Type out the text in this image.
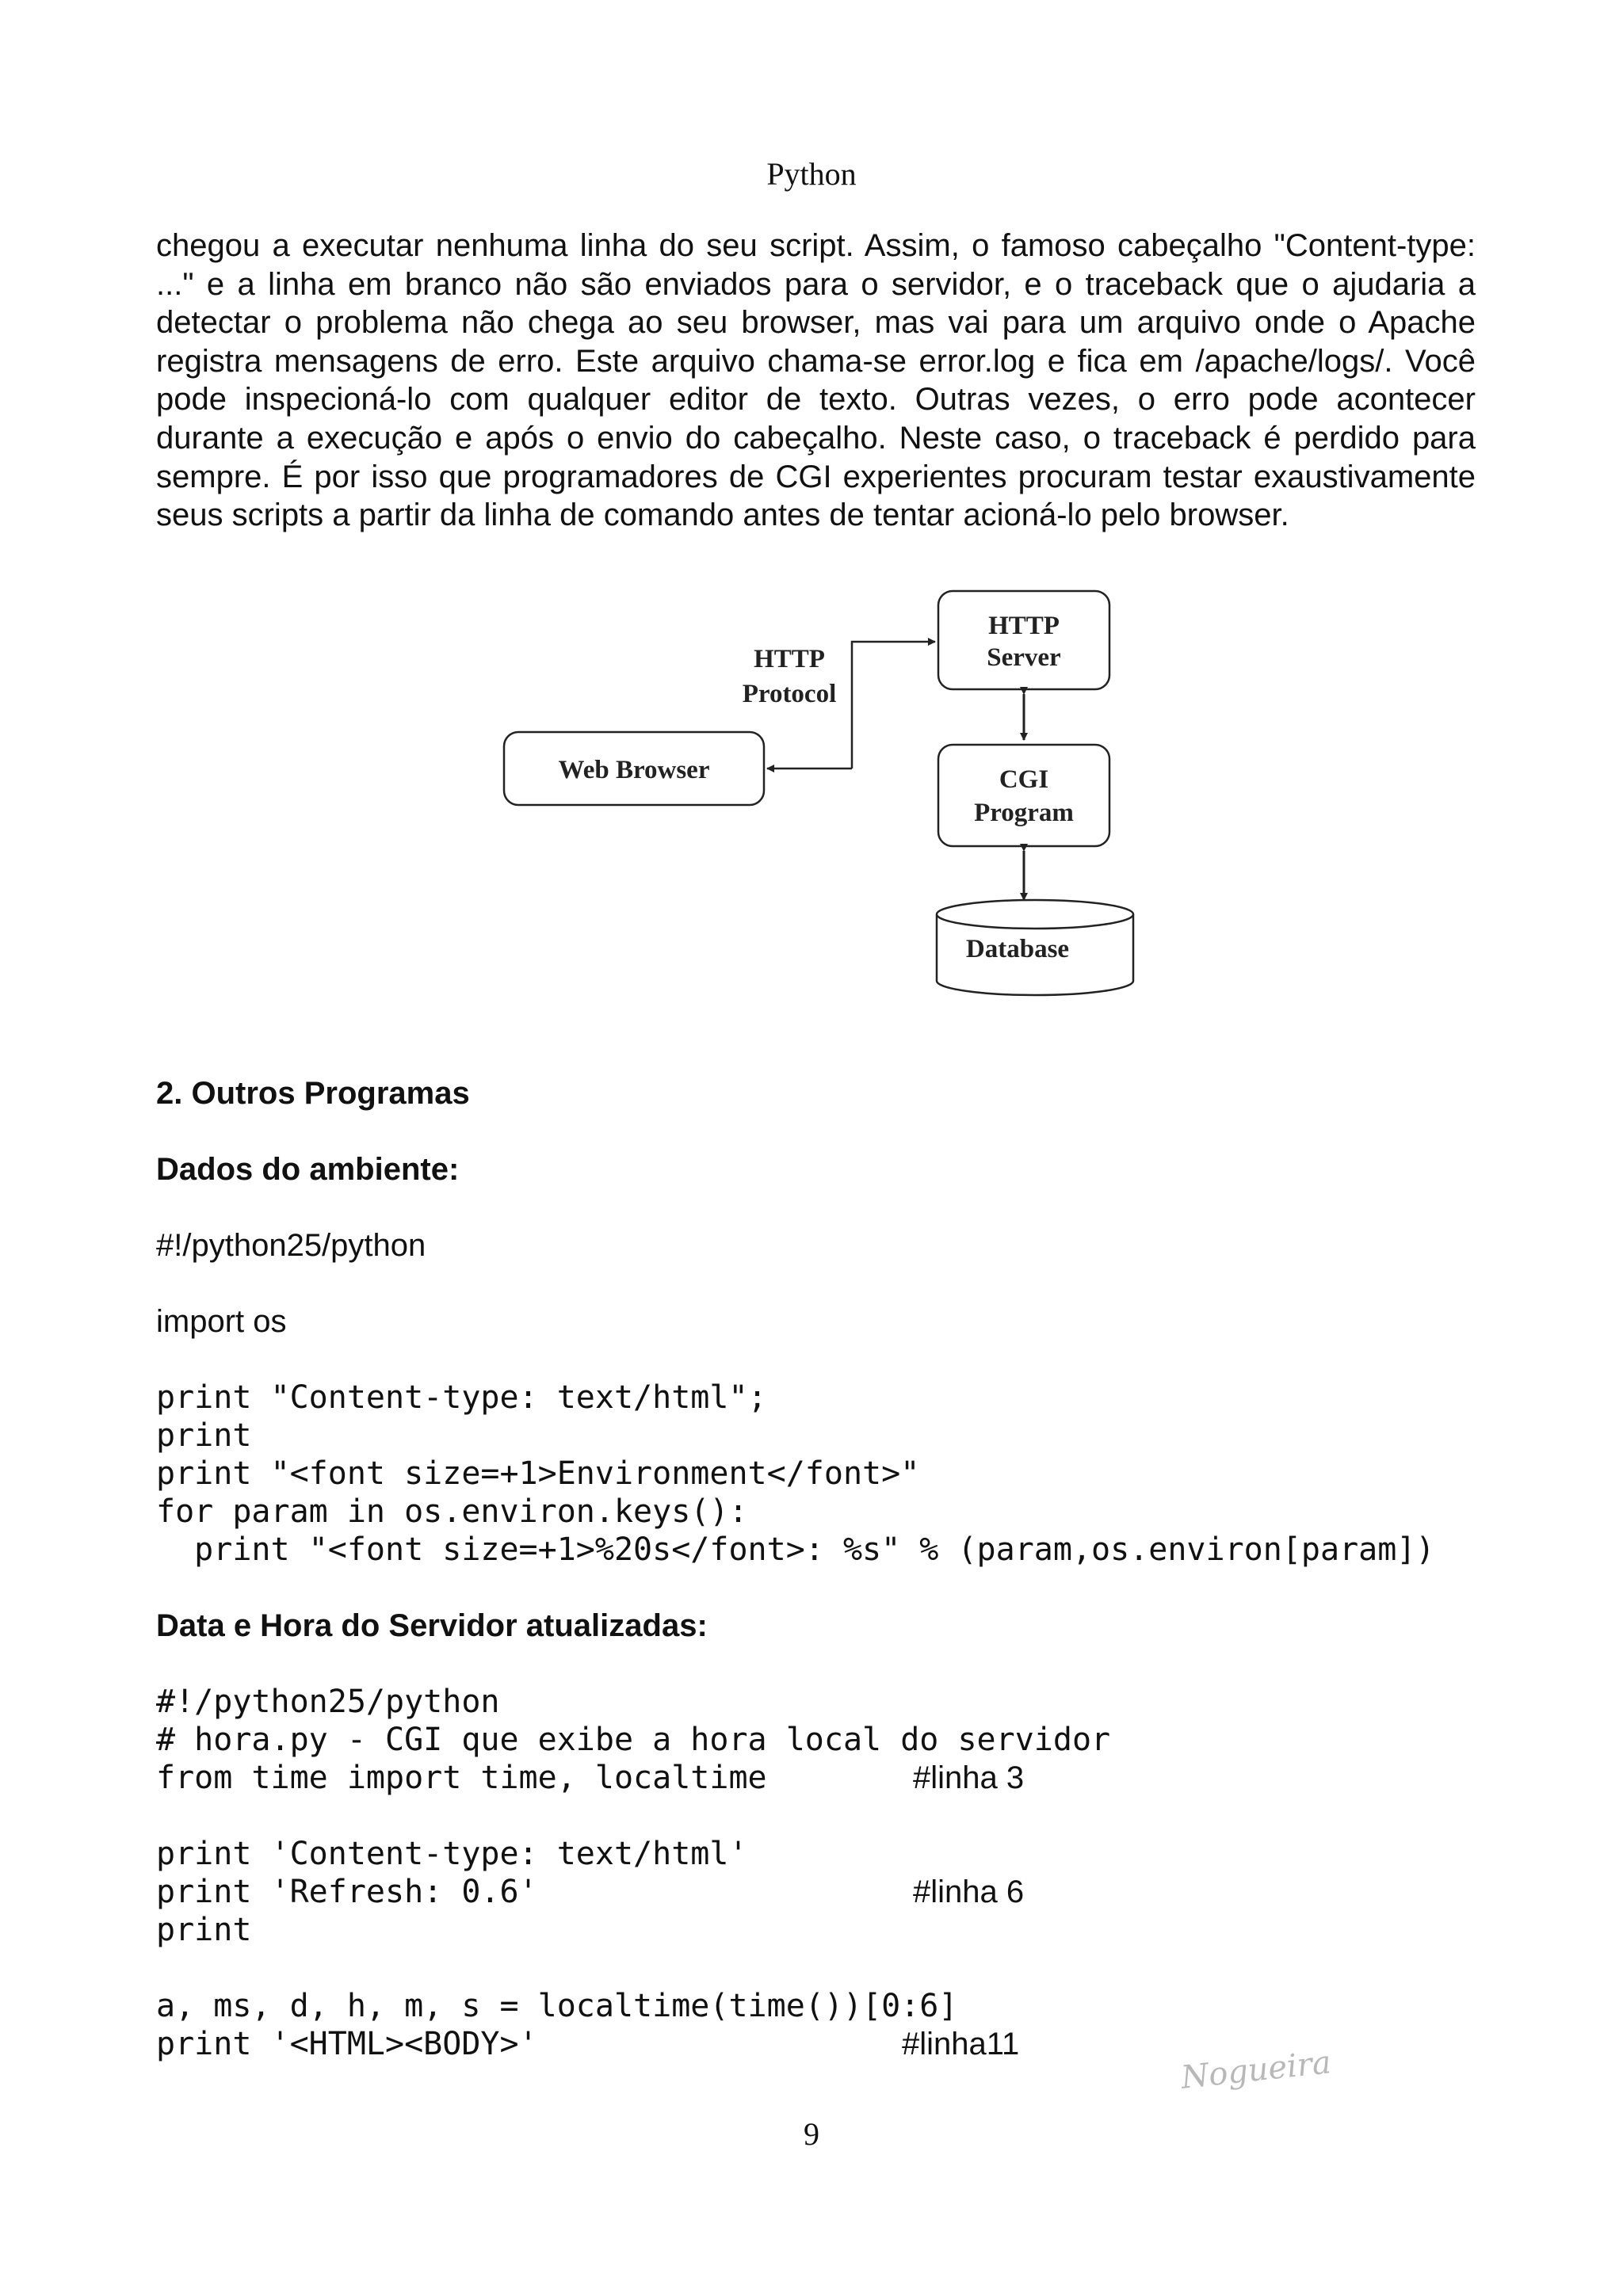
Python

chegou a executar nenhuma linha do seu script. Assim, o famoso cabeçalho "Content-type: ..." e a linha em branco não são enviados para o servidor, e o traceback que o ajudaria a detectar o problema não chega ao seu browser, mas vai para um arquivo onde o Apache registra mensagens de erro. Este arquivo chama-se error.log e fica em /apache/logs/. Você pode inspecioná-lo com qualquer editor de texto. Outras vezes, o erro pode acontecer durante a execução e após o envio do cabeçalho. Neste caso, o traceback é perdido para sempre. É por isso que programadores de CGI experientes procuram testar exaustivamente seus scripts a partir da linha de comando antes de tentar acioná-lo pelo browser.

HTTP
Server
Web Browser
HTTP
Protocol
CGI
Program
Database
2. Outros Programas
Dados do ambiente:
#!/python25/python
import os
print "Content-type: text/html";
print
print "<font size=+1>Environment</font>"
for param in os.environ.keys():
print "<font size=+1>%20s</font>: %s" % (param,os.environ[param])
Data e Hora do Servidor atualizadas:
#!/python25/python
# hora.py - CGI que exibe a hora local do servidor
from time import time, localtime	#linha 3
print 'Content-type: text/html'
print 'Refresh: 0.6'
print
#linha 6
a, ms, d, h, m, s = localtime(time())[0:6]
print '<HTML><BODY>'	#linha11
Nogueira
9
